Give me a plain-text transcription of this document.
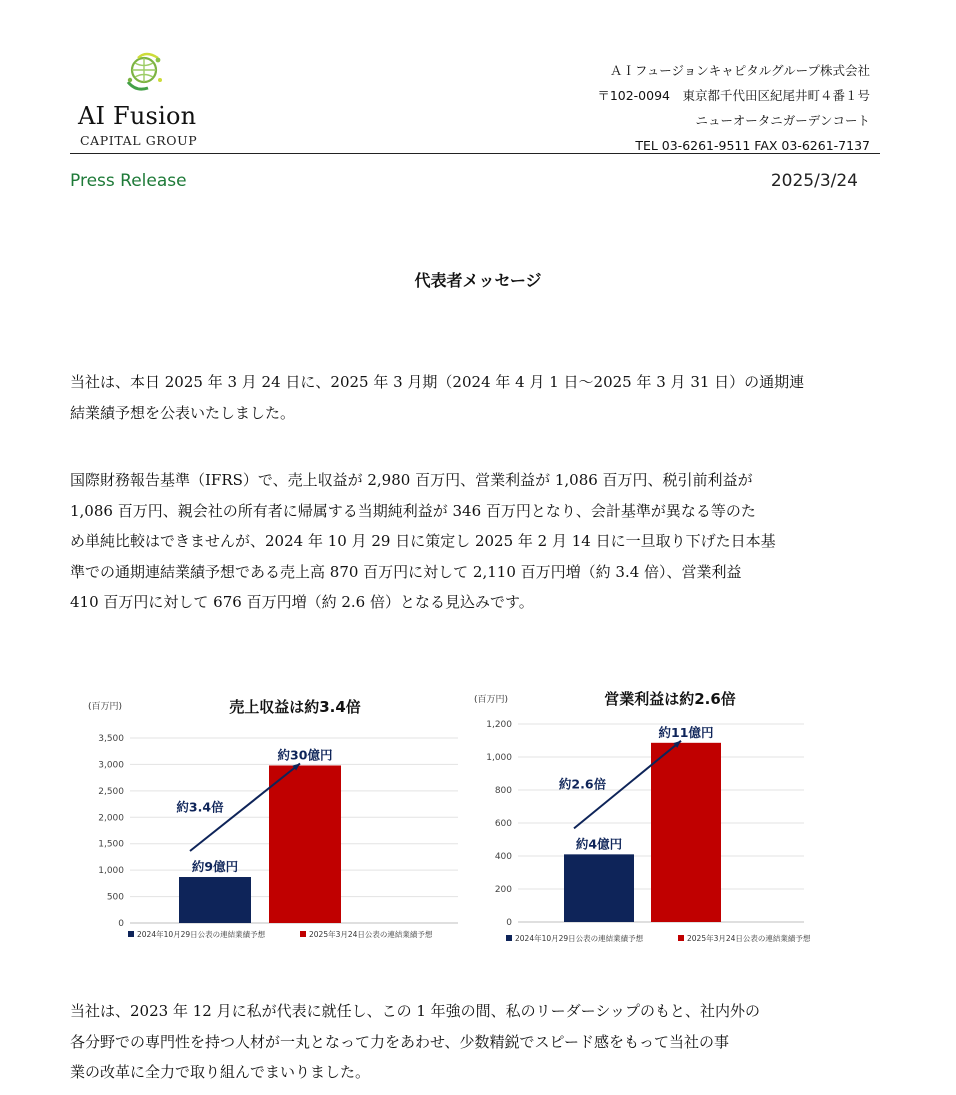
AI Fusion
CAPITAL GROUP
ＡＩフュージョンキャピタルグループ株式会社
〒102-0094　東京都千代田区紀尾井町４番１号
ニューオータニガーデンコート
TEL 03-6261-9511 FAX 03-6261-7137
Press Release	2025/3/24
代表者メッセージ
当社は、本日 2025 年 3 月 24 日に、2025 年 3 月期（2024 年 4 月 1 日～2025 年 3 月 31 日）の通期連
結業績予想を公表いたしました。
国際財務報告基準（IFRS）で、売上収益が 2,980 百万円、営業利益が 1,086 百万円、税引前利益が
1,086 百万円、親会社の所有者に帰属する当期純利益が 346 百万円となり、会計基準が異なる等のた
め単純比較はできませんが、2024 年 10 月 29 日に策定し 2025 年 2 月 14 日に一旦取り下げた日本基
準での通期連結業績予想である売上高 870 百万円に対して 2,110 百万円増（約 3.4 倍）、営業利益
410 百万円に対して 676 百万円増（約 2.6 倍）となる見込みです。
売上収益は約3.4倍
(百万円)
0
500
1,000
1,500
2,000
2,500
3,000
3,500
約9億円
約30億円
約3.4倍
2024年10月29日公表の連結業績予想	2025年3月24日公表の連結業績予想
営業利益は約2.6倍
(百万円)
0
200
400
600
800
1,000
1,200
約4億円
約11億円
約2.6倍
2024年10月29日公表の連結業績予想	2025年3月24日公表の連結業績予想
当社は、2023 年 12 月に私が代表に就任し、この 1 年強の間、私のリーダーシップのもと、社内外の
各分野での専門性を持つ人材が一丸となって力をあわせ、少数精鋭でスピード感をもって当社の事
業の改革に全力で取り組んでまいりました。
